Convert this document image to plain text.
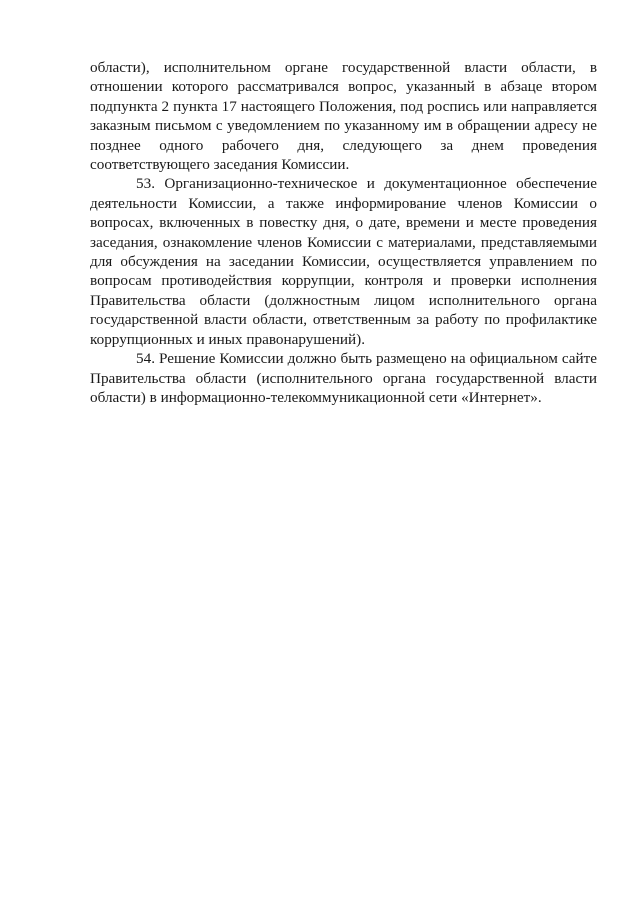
области), исполнительном органе государственной власти области, в отношении которого рассматривался вопрос, указанный в абзаце втором подпункта 2 пункта 17 настоящего Положения, под роспись или направляется заказным письмом с уведомлением по указанному им в обращении адресу не позднее одного рабочего дня, следующего за днем проведения соответствующего заседания Комиссии.

53. Организационно-техническое и документационное обеспечение деятельности Комиссии, а также информирование членов Комиссии о вопросах, включенных в повестку дня, о дате, времени и месте проведения заседания, ознакомление членов Комиссии с материалами, представляемыми для обсуждения на заседании Комиссии, осуществляется управлением по вопросам противодействия коррупции, контроля и проверки исполнения Правительства области (должностным лицом исполнительного органа государственной власти области, ответственным за работу по профилактике коррупционных и иных правонарушений).

54. Решение Комиссии должно быть размещено на официальном сайте Правительства области (исполнительного органа государственной власти области) в информационно-телекоммуникационной сети «Интернет».
